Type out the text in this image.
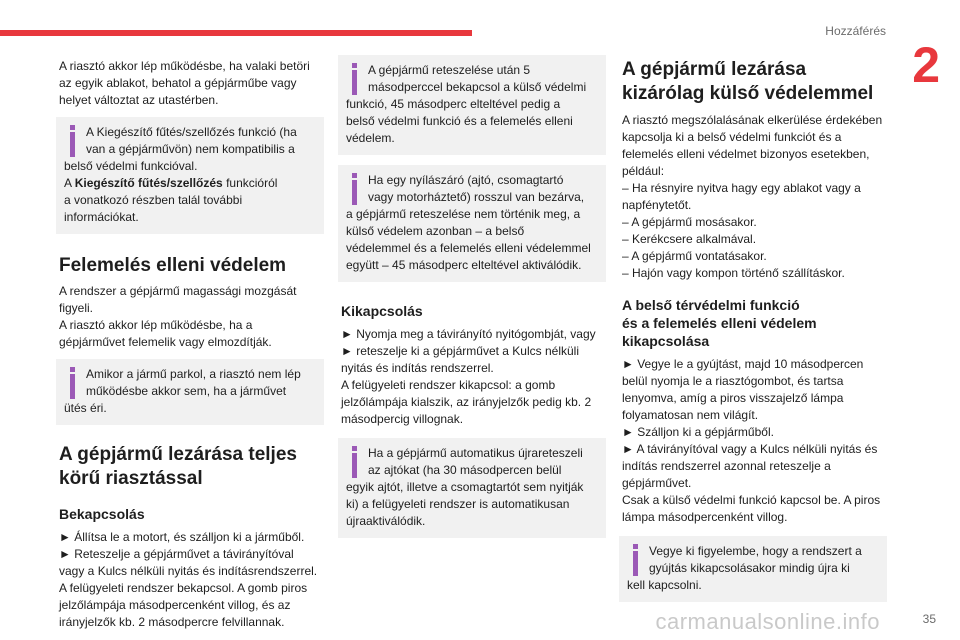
Hozzáférés
2

A riasztó akkor lép működésbe, ha valaki betöri az egyik ablakot, behatol a gépjárműbe vagy helyet változtat az utastérben.

A Kiegészítő fűtés/szellőzés funkció (ha
van a gépjárművön) nem kompatibilis a
belső védelmi funkcióval.
A Kiegészítő fűtés/szellőzés funkcióról
a vonatkozó részben talál további
információkat.
Felemelés elleni védelem

A rendszer a gépjármű magassági mozgását figyeli.

A riasztó akkor lép működésbe, ha a gépjárművet felemelik vagy elmozdítják.

Amikor a jármű parkol, a riasztó nem lép
működésbe akkor sem, ha a járművet
ütés éri.
A gépjármű lezárása teljes
körű riasztással
Bekapcsolás

► Állítsa le a motort, és szálljon ki a járműből.

► Reteszelje a gépjárművet a távirányítóval vagy a Kulcs nélküli nyitás és indításrendszerrel.

A felügyeleti rendszer bekapcsol. A gomb piros jelzőlámpája másodpercenként villog, és az irányjelzők kb. 2 másodpercre felvillannak.

A gépjármű reteszelése után 5
másodperccel bekapcsol a külső védelmi
funkció, 45 másodperc elteltével pedig a
belső védelmi funkció és a felemelés elleni
védelem.
Ha egy nyílászáró (ajtó, csomagtartó
vagy motorháztető) rosszul van bezárva,
a gépjármű reteszelése nem történik meg, a
külső védelem azonban – a belső
védelemmel és a felemelés elleni védelemmel
együtt – 45 másodperc elteltével aktiválódik.
Kikapcsolás

► Nyomja meg a távirányító nyitógombját, vagy

► reteszelje ki a gépjárművet a Kulcs nélküli nyitás és indítás rendszerrel.

A felügyeleti rendszer kikapcsol: a gomb jelzőlámpája kialszik, az irányjelzők pedig kb. 2 másodpercig villognak.

Ha a gépjármű automatikus újrareteszeli
az ajtókat (ha 30 másodpercen belül
egyik ajtót, illetve a csomagtartót sem nyitják
ki) a felügyeleti rendszer is automatikusan
újraaktiválódik.
A gépjármű lezárása
kizárólag külső védelemmel

A riasztó megszólalásának elkerülése érdekében kapcsolja ki a belső védelmi funkciót és a felemelés elleni védelmet bizonyos esetekben, például:

– Ha résnyire nyitva hagy egy ablakot vagy a napfénytetőt.

– A gépjármű mosásakor.

– Kerékcsere alkalmával.

– A gépjármű vontatásakor.

– Hajón vagy kompon történő szállításkor.

A belső térvédelmi funkció
és a felemelés elleni védelem
kikapcsolása

► Vegye le a gyújtást, majd 10 másodpercen belül nyomja le a riasztógombot, és tartsa lenyomva, amíg a piros visszajelző lámpa folyamatosan nem világít.

► Szálljon ki a gépjárműből.

► A távirányítóval vagy a Kulcs nélküli nyitás és indítás rendszerrel azonnal reteszelje a gépjárművet.

Csak a külső védelmi funkció kapcsol be. A piros lámpa másodpercenként villog.

Vegye ki figyelembe, hogy a rendszert a
gyújtás kikapcsolásakor mindig újra ki
kell kapcsolni.
carmanualsonline.info	35
